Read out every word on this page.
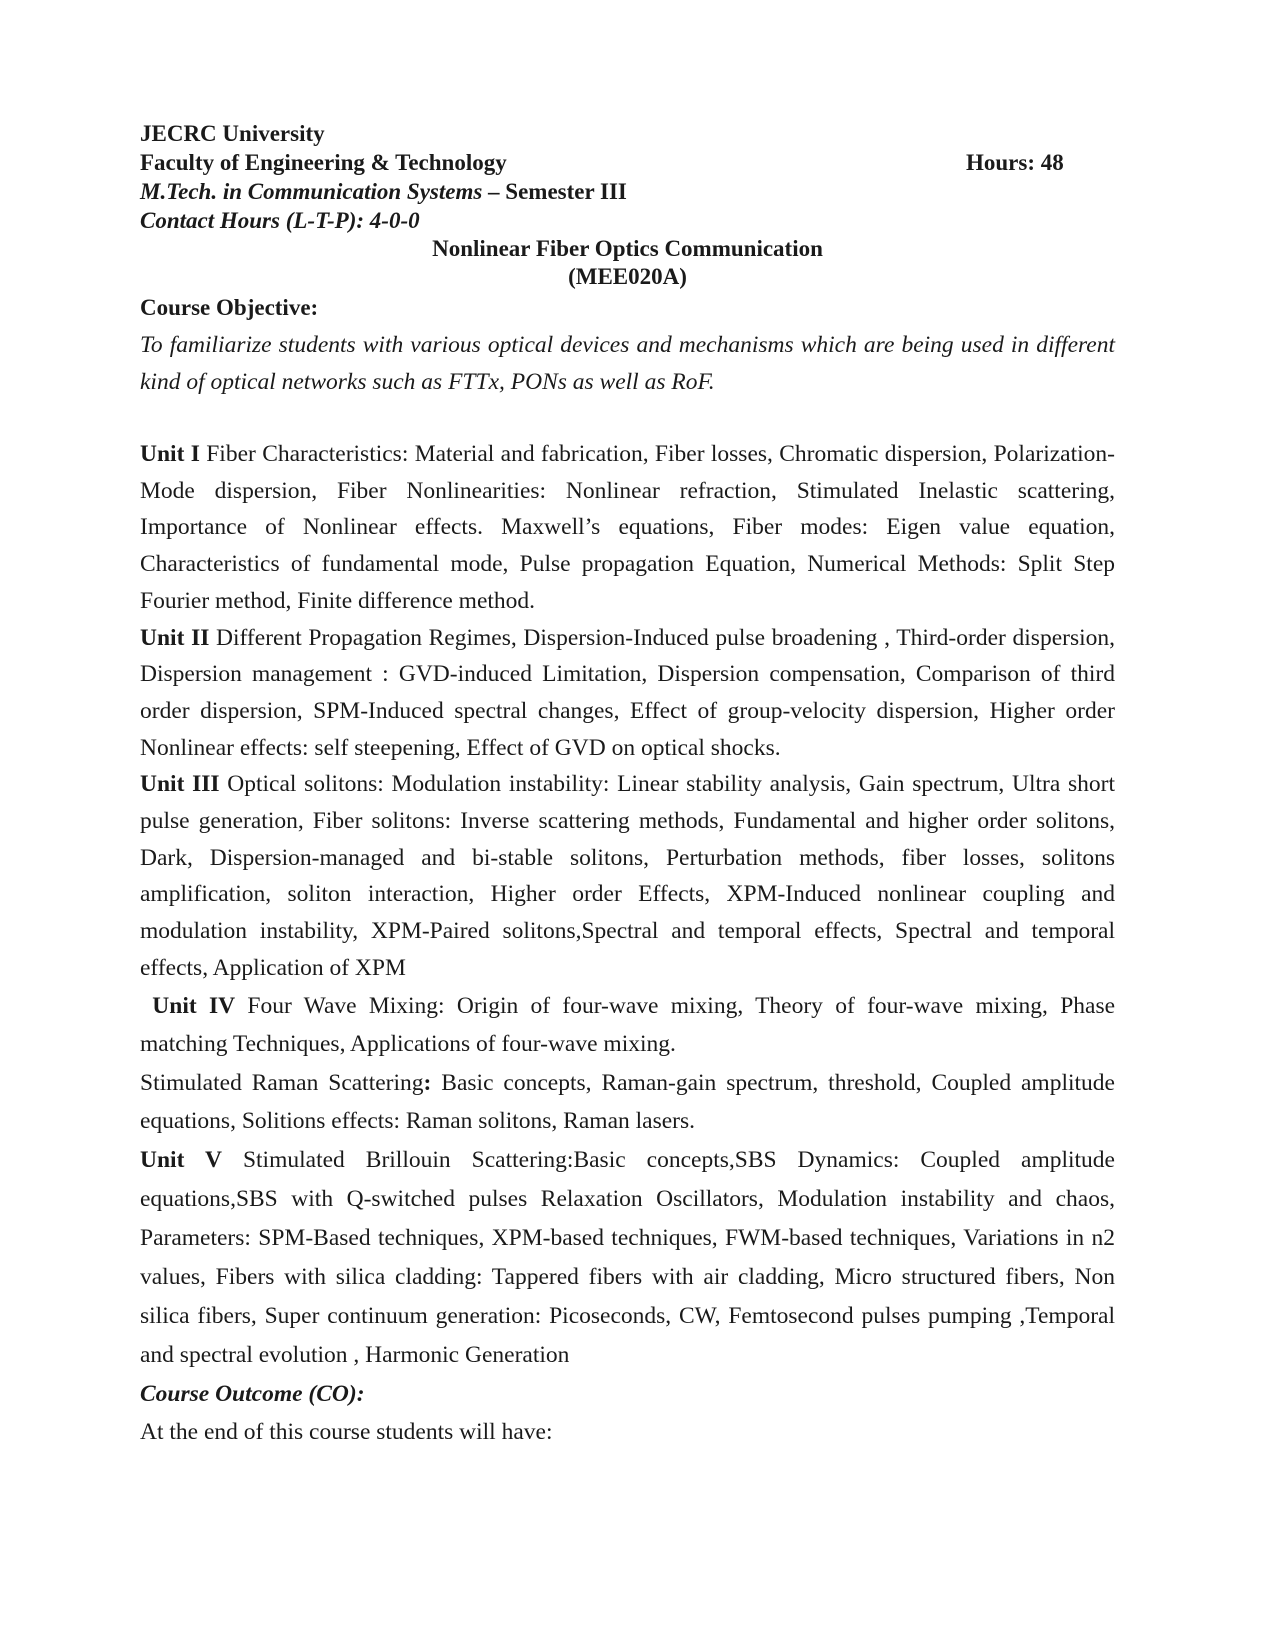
JECRC University
Faculty of Engineering & Technology	Hours: 48
M.Tech. in Communication Systems – Semester III
Contact Hours (L-T-P): 4-0-0
Nonlinear Fiber Optics Communication
(MEE020A)
Course Objective:

To familiarize students with various optical devices and mechanisms which are being used in different kind of optical networks such as FTTx, PONs as well as RoF.

Unit I Fiber Characteristics: Material and fabrication, Fiber losses, Chromatic dispersion, Polarization-Mode dispersion, Fiber Nonlinearities: Nonlinear refraction, Stimulated Inelastic scattering, Importance of Nonlinear effects. Maxwell’s equations, Fiber modes: Eigen value equation, Characteristics of fundamental mode, Pulse propagation Equation, Numerical Methods: Split Step Fourier method, Finite difference method.

Unit II Different Propagation Regimes, Dispersion-Induced pulse broadening , Third-order dispersion, Dispersion management : GVD-induced Limitation, Dispersion compensation, Comparison of third order dispersion, SPM-Induced spectral changes, Effect of group-velocity dispersion, Higher order Nonlinear effects: self steepening, Effect of GVD on optical shocks.

Unit III Optical solitons: Modulation instability: Linear stability analysis, Gain spectrum, Ultra short pulse generation, Fiber solitons: Inverse scattering methods, Fundamental and higher order solitons, Dark, Dispersion-managed and bi-stable solitons, Perturbation methods, fiber losses, solitons amplification, soliton interaction, Higher order Effects, XPM-Induced nonlinear coupling and modulation instability, XPM-Paired solitons,Spectral and temporal effects, Spectral and temporal effects, Application of XPM

Unit IV Four Wave Mixing: Origin of four-wave mixing, Theory of four-wave mixing, Phase matching Techniques, Applications of four-wave mixing.

Stimulated Raman Scattering: Basic concepts, Raman-gain spectrum, threshold, Coupled amplitude equations, Solitions effects: Raman solitons, Raman lasers.

Unit V Stimulated Brillouin Scattering:Basic concepts,SBS Dynamics: Coupled amplitude equations,SBS with Q-switched pulses Relaxation Oscillators, Modulation instability and chaos, Parameters: SPM-Based techniques, XPM-based techniques, FWM-based techniques, Variations in n2 values, Fibers with silica cladding: Tappered fibers with air cladding, Micro structured fibers, Non silica fibers, Super continuum generation: Picoseconds, CW, Femtosecond pulses pumping ,Temporal and spectral evolution , Harmonic Generation

Course Outcome (CO):
At the end of this course students will have:
